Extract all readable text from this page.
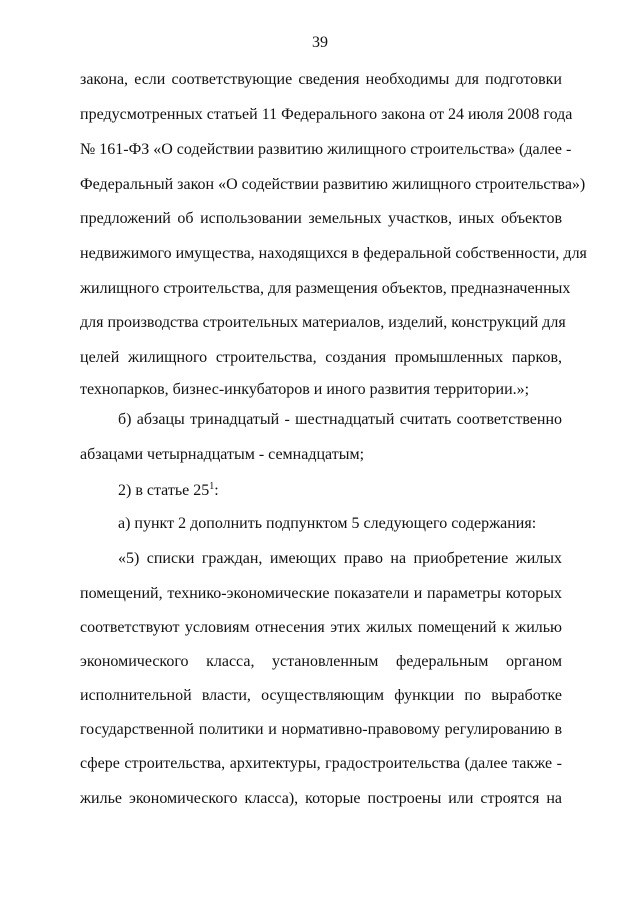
39
закона, если соответствующие сведения необходимы для подготовки
предусмотренных статьей 11 Федерального закона от 24 июля 2008 года
№ 161-ФЗ «О содействии развитию жилищного строительства» (далее -
Федеральный закон «О содействии развитию жилищного строительства»)
предложений об использовании земельных участков, иных объектов
недвижимого имущества, находящихся в федеральной собственности, для
жилищного строительства, для размещения объектов, предназначенных
для производства строительных материалов, изделий, конструкций для
целей жилищного строительства, создания промышленных парков,
технопарков, бизнес-инкубаторов и иного развития территории.»;
б) абзацы тринадцатый - шестнадцатый считать соответственно
абзацами четырнадцатым - семнадцатым;
2) в статье $25^1$:
а) пункт 2 дополнить подпунктом 5 следующего содержания:
«5) списки граждан, имеющих право на приобретение жилых
помещений, технико-экономические показатели и параметры которых
соответствуют условиям отнесения этих жилых помещений к жилью
экономического класса, установленным федеральным органом
исполнительной власти, осуществляющим функции по выработке
государственной политики и нормативно-правовому регулированию в
сфере строительства, архитектуры, градостроительства (далее также -
жилье экономического класса), которые построены или строятся на
